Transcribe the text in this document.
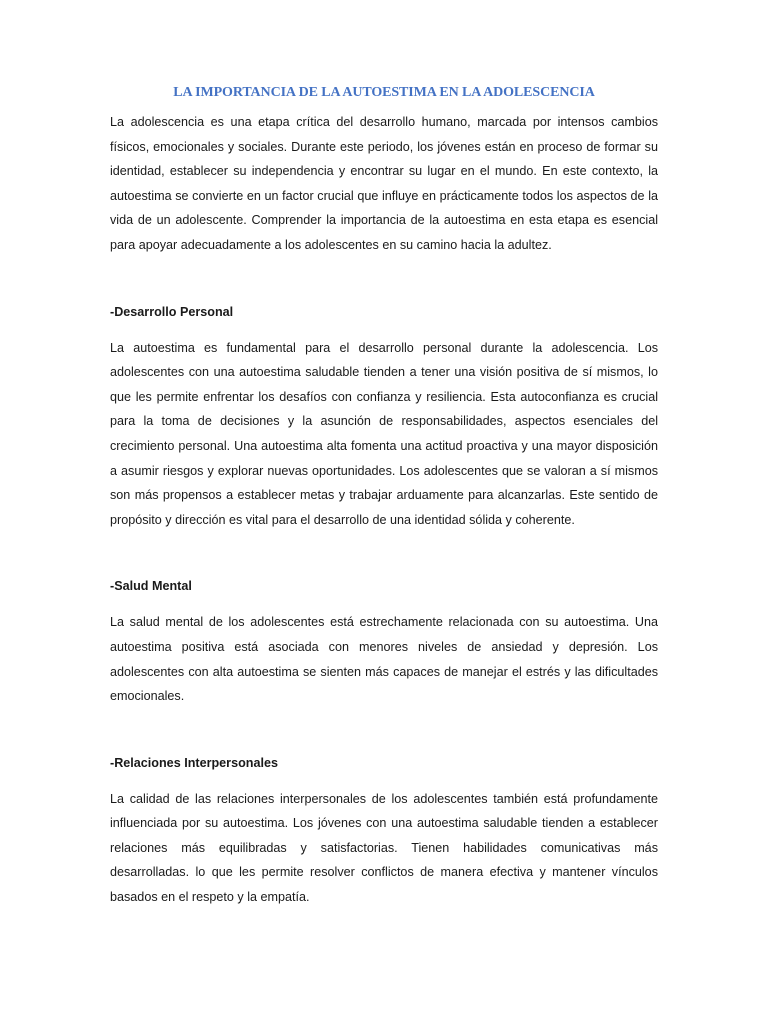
LA IMPORTANCIA DE LA AUTOESTIMA EN LA ADOLESCENCIA

La adolescencia es una etapa crítica del desarrollo humano, marcada por intensos cambios físicos, emocionales y sociales. Durante este periodo, los jóvenes están en proceso de formar su identidad, establecer su independencia y encontrar su lugar en el mundo. En este contexto, la autoestima se convierte en un factor crucial que influye en prácticamente todos los aspectos de la vida de un adolescente. Comprender la importancia de la autoestima en esta etapa es esencial para apoyar adecuadamente a los adolescentes en su camino hacia la adultez.

-Desarrollo Personal

La autoestima es fundamental para el desarrollo personal durante la adolescencia. Los adolescentes con una autoestima saludable tienden a tener una visión positiva de sí mismos, lo que les permite enfrentar los desafíos con confianza y resiliencia. Esta autoconfianza es crucial para la toma de decisiones y la asunción de responsabilidades, aspectos esenciales del crecimiento personal. Una autoestima alta fomenta una actitud proactiva y una mayor disposición a asumir riesgos y explorar nuevas oportunidades. Los adolescentes que se valoran a sí mismos son más propensos a establecer metas y trabajar arduamente para alcanzarlas. Este sentido de propósito y dirección es vital para el desarrollo de una identidad sólida y coherente.

-Salud Mental

La salud mental de los adolescentes está estrechamente relacionada con su autoestima. Una autoestima positiva está asociada con menores niveles de ansiedad y depresión. Los adolescentes con alta autoestima se sienten más capaces de manejar el estrés y las dificultades emocionales.

-Relaciones Interpersonales

La calidad de las relaciones interpersonales de los adolescentes también está profundamente influenciada por su autoestima. Los jóvenes con una autoestima saludable tienden a establecer relaciones más equilibradas y satisfactorias. Tienen habilidades comunicativas más desarrolladas. lo que les permite resolver conflictos de manera efectiva y mantener vínculos basados en el respeto y la empatía.
